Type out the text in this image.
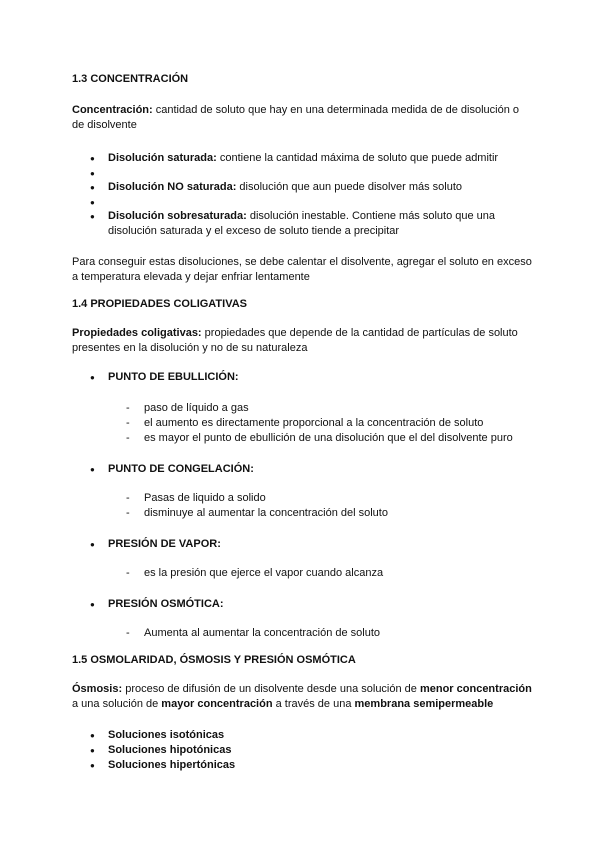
1.3 CONCENTRACIÓN

Concentración: cantidad de soluto que hay en una determinada medida de de disolución o de disolvente

● Disolución saturada: contiene la cantidad máxima de soluto que puede admitir
●
● Disolución NO saturada: disolución que aun puede disolver más soluto
●
● Disolución sobresaturada: disolución inestable. Contiene más soluto que una disolución saturada y el exceso de soluto tiende a precipitar

Para conseguir estas disoluciones, se debe calentar el disolvente, agregar el soluto en exceso a temperatura elevada y dejar enfriar lentamente

1.4 PROPIEDADES COLIGATIVAS

Propiedades coligativas: propiedades que depende de la cantidad de partículas de soluto presentes en la disolución y no de su naturaleza

● PUNTO DE EBULLICIÓN:
- paso de líquido a gas
- el aumento es directamente proporcional a la concentración de soluto
- es mayor el punto de ebullición de una disolución que el del disolvente puro
● PUNTO DE CONGELACIÓN:
- Pasas de liquido a solido
- disminuye al aumentar la concentración del soluto
● PRESIÓN DE VAPOR:
- es la presión que ejerce el vapor cuando alcanza
● PRESIÓN OSMÓTICA:
- Aumenta al aumentar la concentración de soluto
1.5 OSMOLARIDAD, ÓSMOSIS Y PRESIÓN OSMÓTICA

Ósmosis: proceso de difusión de un disolvente desde una solución de menor concentración a una solución de mayor concentración a través de una membrana semipermeable

● Soluciones isotónicas
● Soluciones hipotónicas
● Soluciones hipertónicas
